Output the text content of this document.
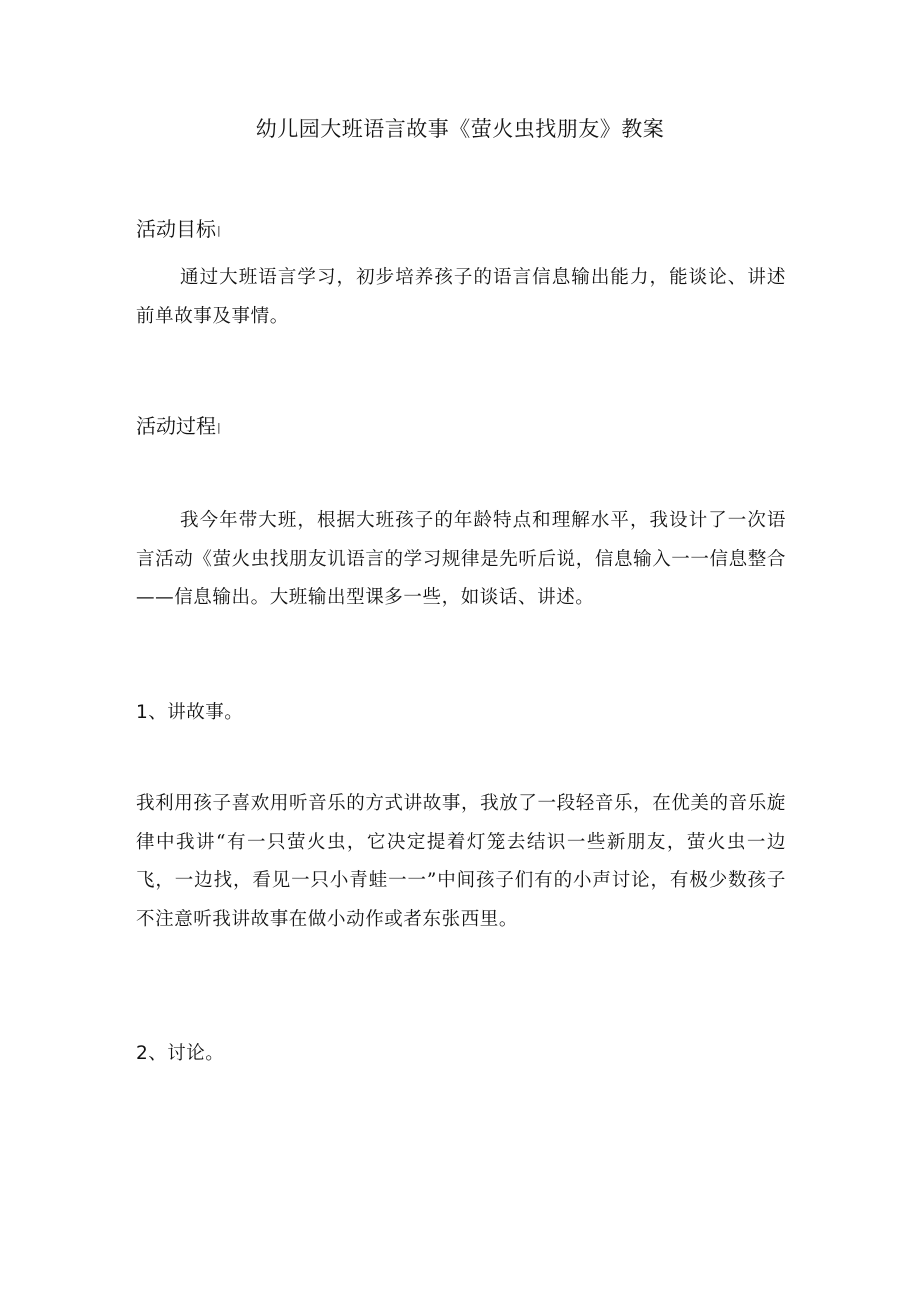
幼儿园大班语言故事《萤火虫找朋友》教案
活动目标|

通过大班语言学习，初步培养孩子的语言信息输出能力，能谈论、讲述前单故事及事情。

活动过程|

我今年带大班，根据大班孩子的年龄特点和理解水平，我设计了一次语言活动《萤火虫找朋友讥语言的学习规律是先听后说，信息输入一一信息整合——信息输出。大班输出型课多一些，如谈话、讲述。

1、讲故事。

我利用孩子喜欢用听音乐的方式讲故事，我放了一段轻音乐，在优美的音乐旋律中我讲“有一只萤火虫，它决定提着灯笼去结识一些新朋友，萤火虫一边飞，一边找，看见一只小青蛙一一”中间孩子们有的小声讨论，有极少数孩子不注意听我讲故事在做小动作或者东张西里。

2、讨论。
